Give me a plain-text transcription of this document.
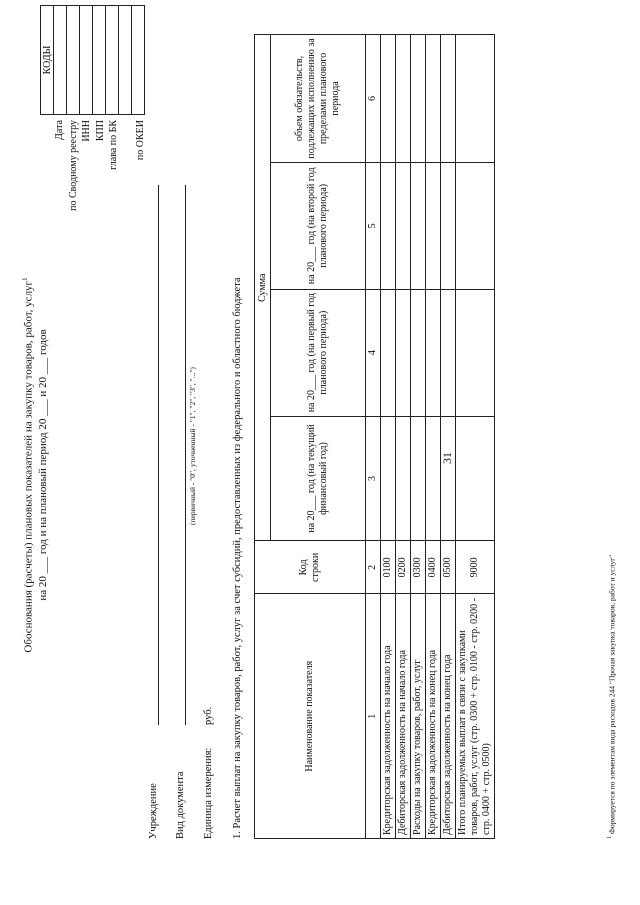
31
Обоснования (расчеты) плановых показателей на закупку товаров, работ, услуг$^1$
на 20 ___ год и на плановый период 20 ___ и 20 ___ годов

Дата по Сводному реестру ИНН КПП глава по БК
по ОКЕИ
КОДЫ

Учреждение Вид документа
(первичный - "0", уточненный - "1", "2", "3", "...")
Единица измерения:
руб. 1. Расчет выплат на закупку товаров, работ, услуг за счет субсидий, предоставленных из федерального и областного бюджета	Наименование показателя	Код строки	Сумма			
		на 20___ год (на текущий финансовый год)	на 20___ год (на первый год планового периода)	на 20___ год (на второй год планового периода)	объем обязательств, подлежащих исполнению за пределами планового периода
1	2	3	4	5	6
Кредиторская задолженность на начало года	0100				
Дебиторская задолженность на начало года	0200				
Расходы на закупку товаров, работ, услуг	0300				
Кредиторская задолженность на конец года	0400				
Дебиторская задолженность на конец года	0500				
Итого планируемых выплат в связи с закупками товаров, работ, услуг (стр. 0300 + стр. 0100 - стр. 0200 - стр. 0400 + стр. 0500)	9000				
$^1$ Формируется по элементам вида расходов 244 "Прочая закупка товаров, работ и услуг"
